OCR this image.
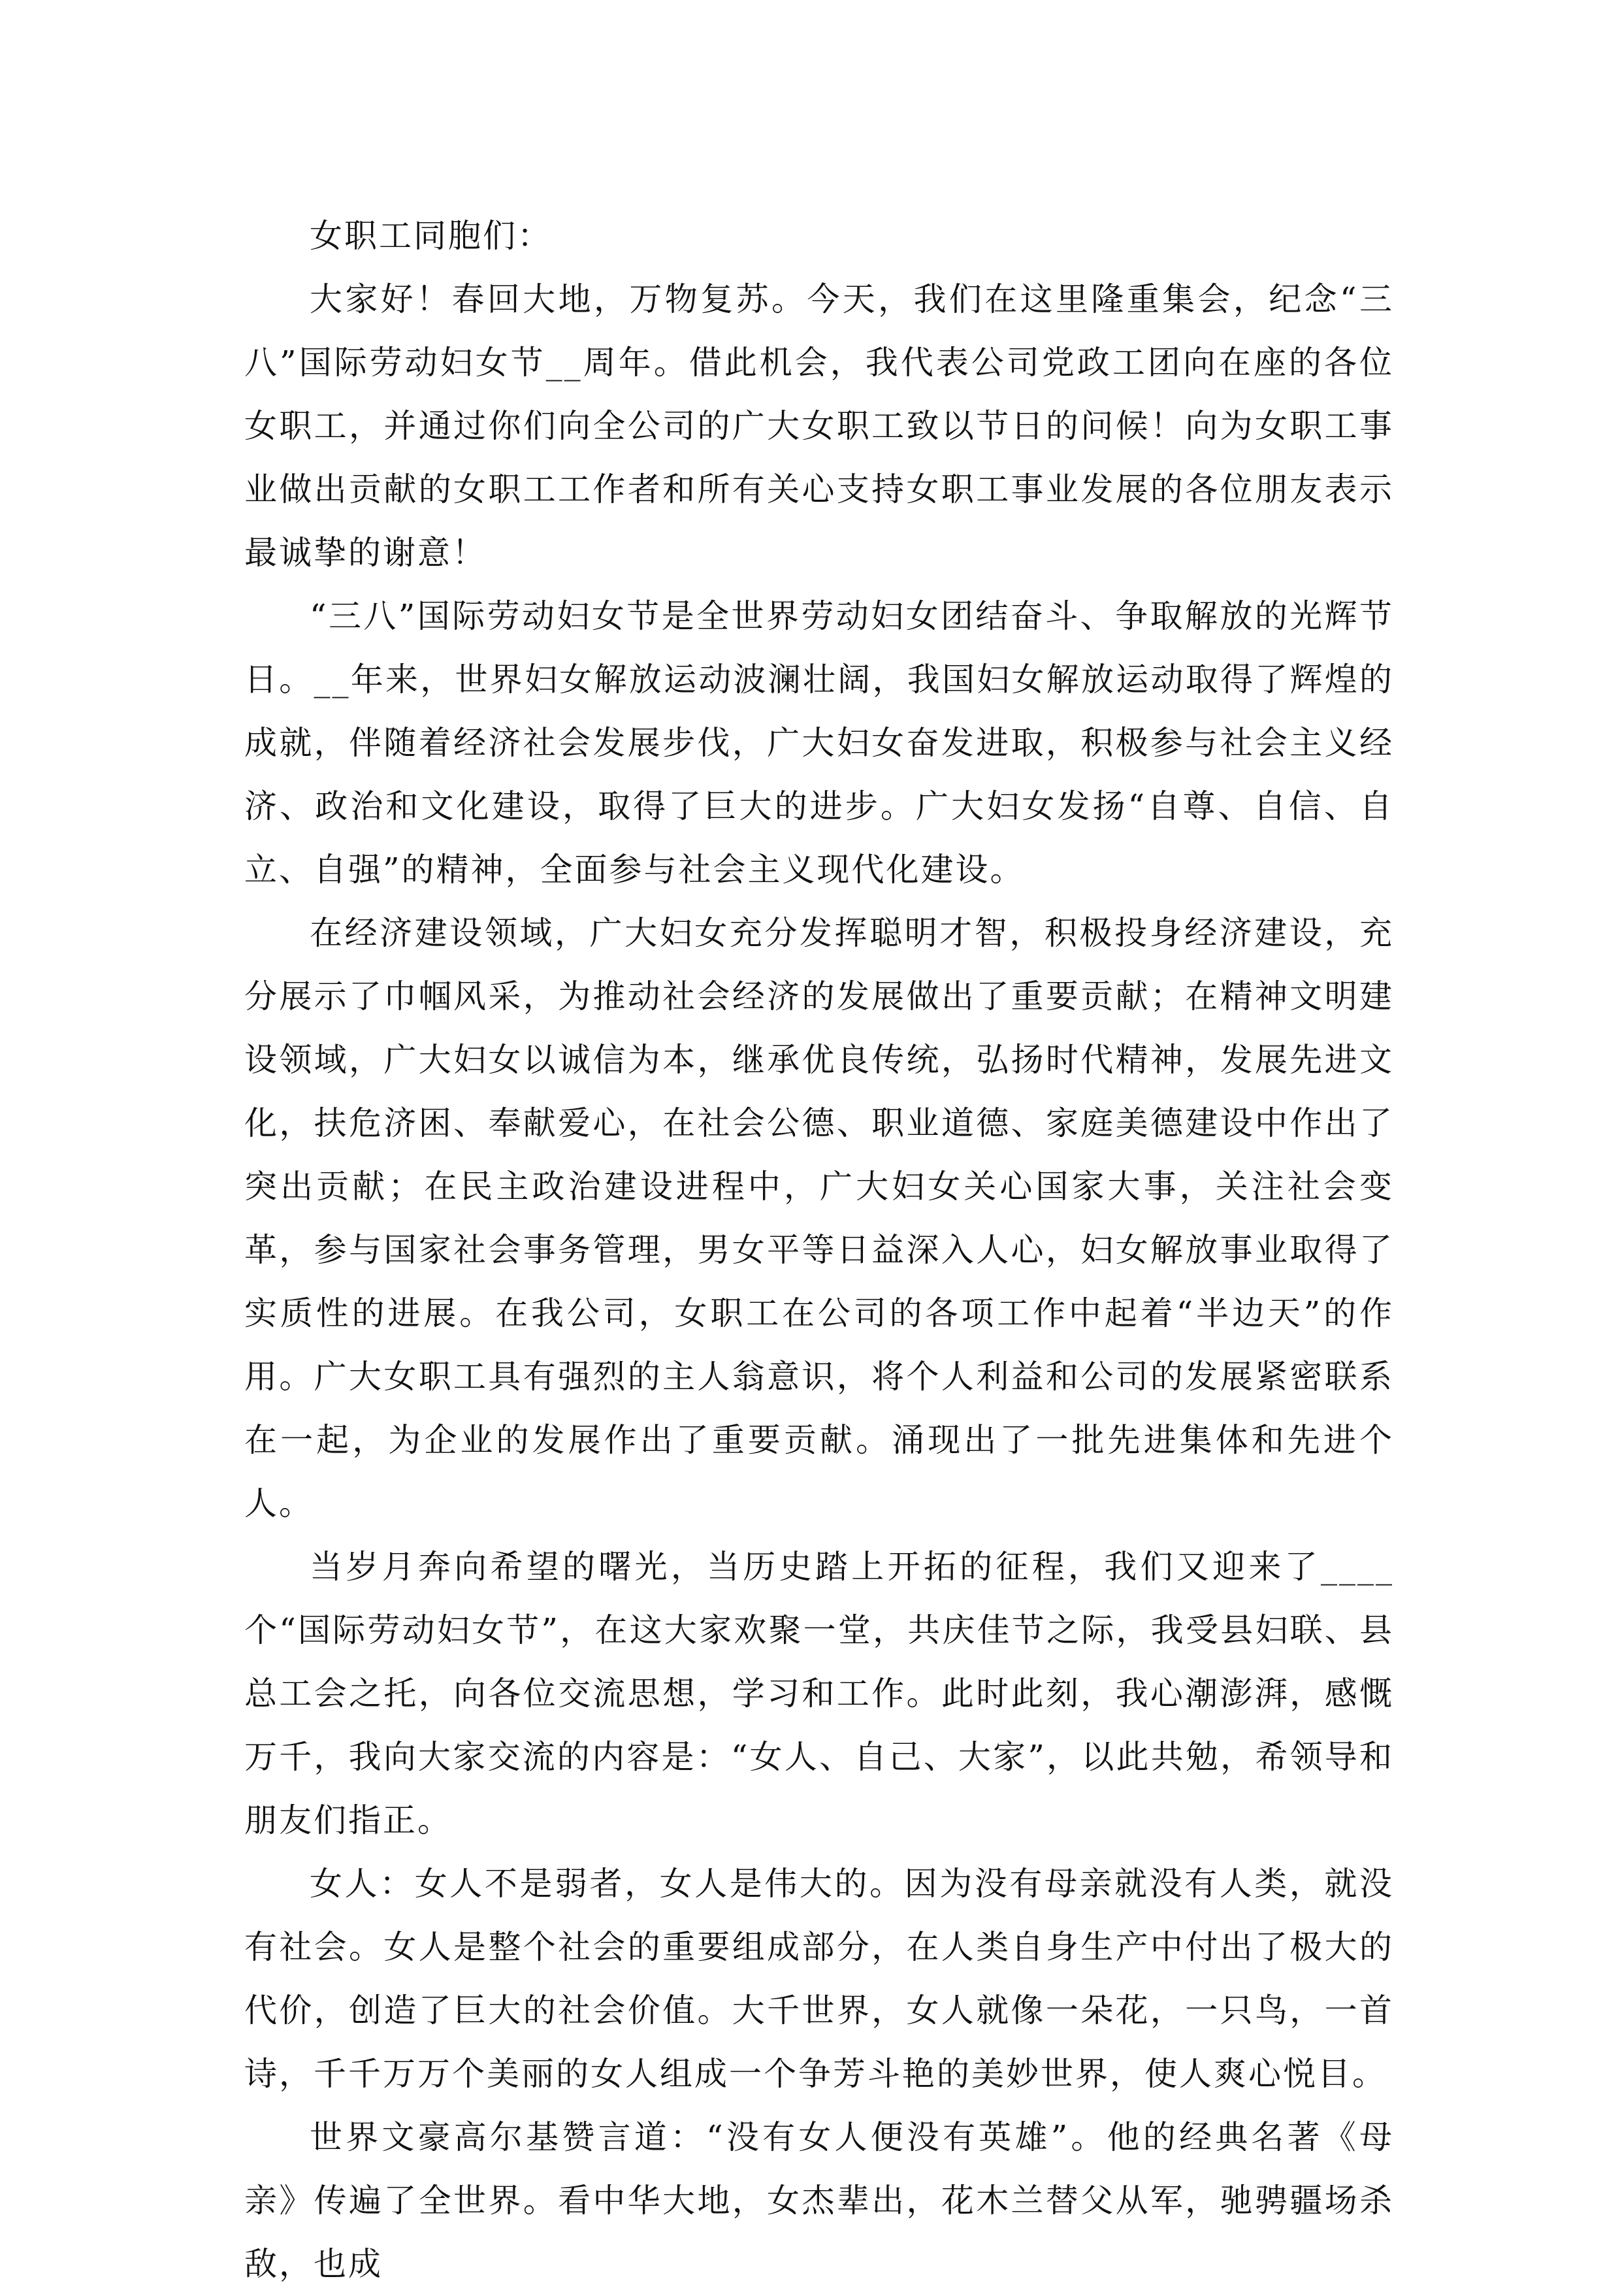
女职工同胞们：

大家好！春回大地，万物复苏。今天，我们在这里隆重集会，纪念“三八”国际劳动妇女节__周年。借此机会，我代表公司党政工团向在座的各位女职工，并通过你们向全公司的广大女职工致以节日的问候！向为女职工事业做出贡献的女职工工作者和所有关心支持女职工事业发展的各位朋友表示最诚挚的谢意！

“三八”国际劳动妇女节是全世界劳动妇女团结奋斗、争取解放的光辉节日。__年来，世界妇女解放运动波澜壮阔，我国妇女解放运动取得了辉煌的成就，伴随着经济社会发展步伐，广大妇女奋发进取，积极参与社会主义经济、政治和文化建设，取得了巨大的进步。广大妇女发扬“自尊、自信、自立、自强”的精神，全面参与社会主义现代化建设。

在经济建设领域，广大妇女充分发挥聪明才智，积极投身经济建设，充分展示了巾帼风采，为推动社会经济的发展做出了重要贡献；在精神文明建设领域，广大妇女以诚信为本，继承优良传统，弘扬时代精神，发展先进文化，扶危济困、奉献爱心，在社会公德、职业道德、家庭美德建设中作出了突出贡献；在民主政治建设进程中，广大妇女关心国家大事，关注社会变革，参与国家社会事务管理，男女平等日益深入人心，妇女解放事业取得了实质性的进展。在我公司，女职工在公司的各项工作中起着“半边天”的作用。广大女职工具有强烈的主人翁意识，将个人利益和公司的发展紧密联系在一起，为企业的发展作出了重要贡献。涌现出了一批先进集体和先进个人。

当岁月奔向希望的曙光，当历史踏上开拓的征程，我们又迎来了____个“国际劳动妇女节”，在这大家欢聚一堂，共庆佳节之际，我受县妇联、县总工会之托，向各位交流思想，学习和工作。此时此刻，我心潮澎湃，感慨万千，我向大家交流的内容是：“女人、自己、大家”，以此共勉，希领导和朋友们指正。

女人：女人不是弱者，女人是伟大的。因为没有母亲就没有人类，就没有社会。女人是整个社会的重要组成部分，在人类自身生产中付出了极大的代价，创造了巨大的社会价值。大千世界，女人就像一朵花，一只鸟，一首诗，千千万万个美丽的女人组成一个争芳斗艳的美妙世界，使人爽心悦目。

世界文豪高尔基赞言道：“没有女人便没有英雄”。他的经典名著《母亲》传遍了全世界。看中华大地，女杰辈出，花木兰替父从军，驰骋疆场杀敌，也成
